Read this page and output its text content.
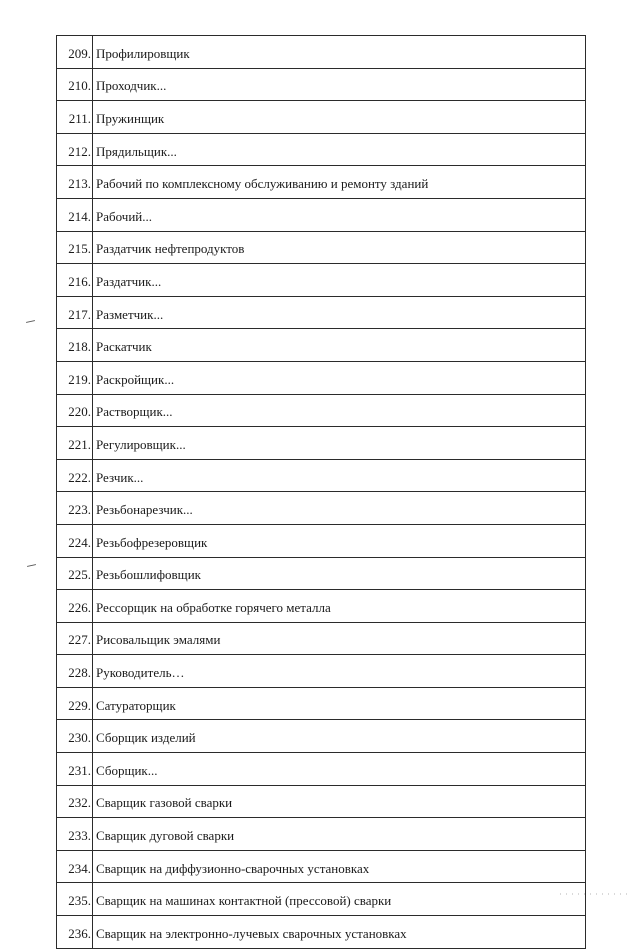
209.	Профилировщик
210.	Проходчик...
211.	Пружинщик
212.	Прядильщик...
213.	Рабочий по комплексному обслуживанию и ремонту зданий
214.	Рабочий...
215.	Раздатчик нефтепродуктов
216.	Раздатчик...
217.	Разметчик...
218.	Раскатчик
219.	Раскройщик...
220.	Растворщик...
221.	Регулировщик...
222.	Резчик...
223.	Резьбонарезчик...
224.	Резьбофрезеровщик
225.	Резьбошлифовщик
226.	Рессорщик на обработке горячего металла
227.	Рисовальщик эмалями
228.	Руководитель…
229.	Сатураторщик
230.	Сборщик изделий
231.	Сборщик...
232.	Сварщик газовой сварки
233.	Сварщик дуговой сварки
234.	Сварщик на диффузионно-сварочных установках
235.	Сварщик на машинах контактной (прессовой) сварки
236.	Сварщик на электронно-лучевых сварочных установках
